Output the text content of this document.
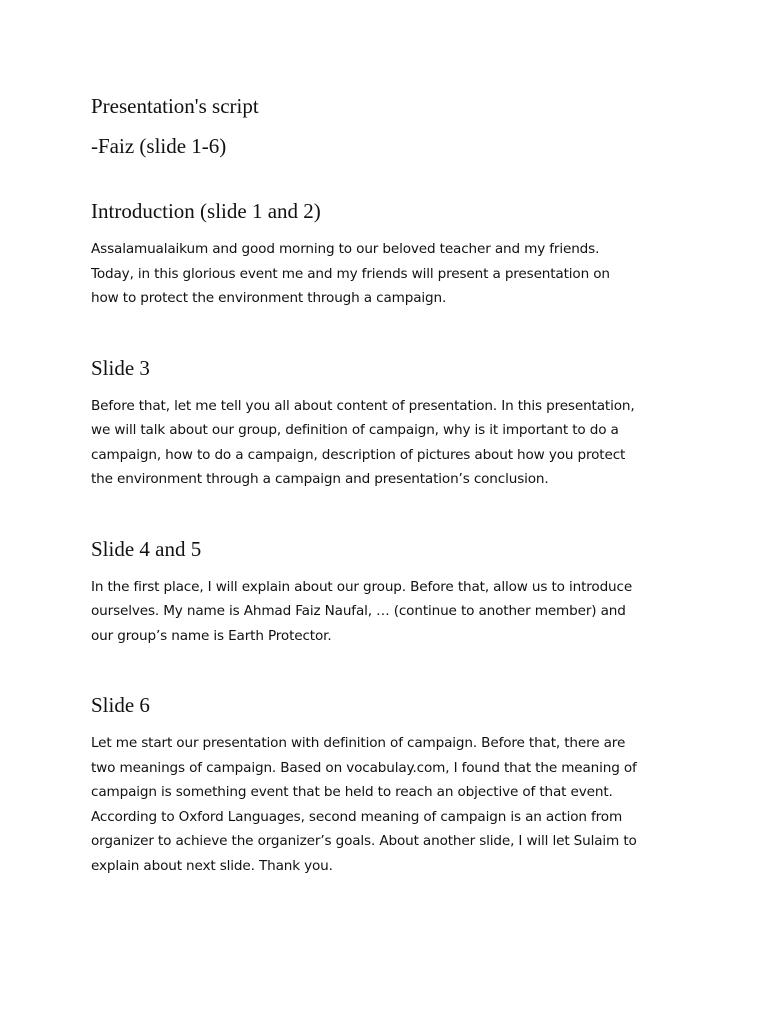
Presentation's script
-Faiz (slide 1-6)
Introduction (slide 1 and 2)

Assalamualaikum and good morning to our beloved teacher and my friends.
Today, in this glorious event me and my friends will present a presentation on
how to protect the environment through a campaign.

Slide 3

Before that, let me tell you all about content of presentation. In this presentation,
we will talk about our group, definition of campaign, why is it important to do a
campaign, how to do a campaign, description of pictures about how you protect
the environment through a campaign and presentation’s conclusion.

Slide 4 and 5

In the first place, I will explain about our group. Before that, allow us to introduce
ourselves. My name is Ahmad Faiz Naufal, … (continue to another member) and
our group’s name is Earth Protector.

Slide 6

Let me start our presentation with definition of campaign. Before that, there are
two meanings of campaign. Based on vocabulay.com, I found that the meaning of
campaign is something event that be held to reach an objective of that event.
According to Oxford Languages, second meaning of campaign is an action from
organizer to achieve the organizer’s goals. About another slide, I will let Sulaim to
explain about next slide. Thank you.
